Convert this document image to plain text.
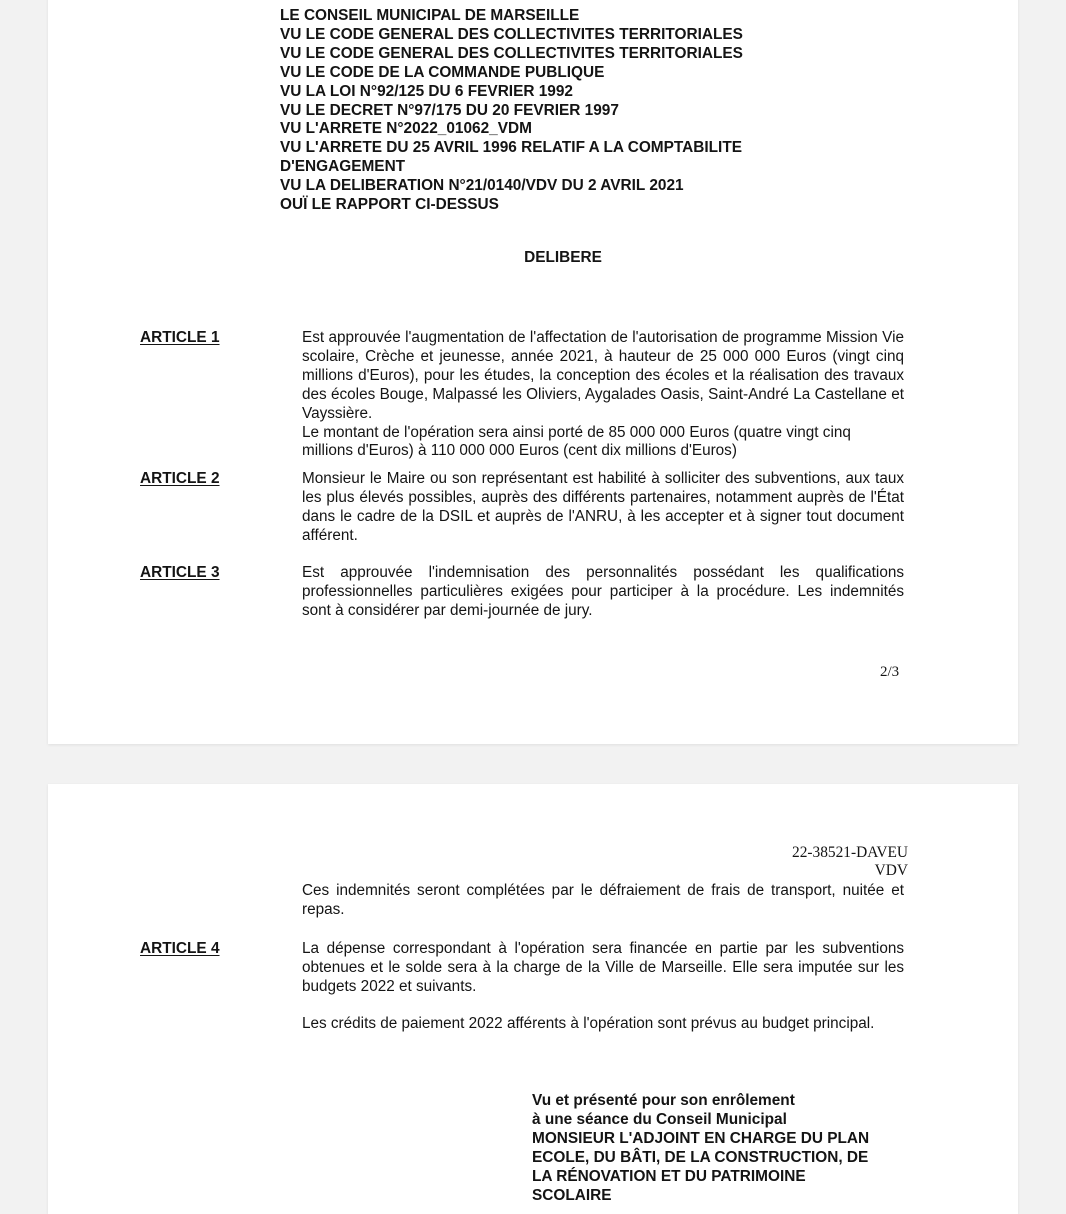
LE CONSEIL MUNICIPAL DE MARSEILLE
VU LE CODE GENERAL DES COLLECTIVITES TERRITORIALES
VU LE CODE GENERAL DES COLLECTIVITES TERRITORIALES
VU LE CODE DE LA COMMANDE PUBLIQUE
VU LA LOI N°92/125 DU 6 FEVRIER 1992
VU LE DECRET N°97/175 DU 20 FEVRIER 1997
VU L'ARRETE N°2022_01062_VDM
VU L'ARRETE DU 25 AVRIL 1996 RELATIF A LA COMPTABILITE
D'ENGAGEMENT
VU LA DELIBERATION N°21/0140/VDV DU 2 AVRIL 2021
OUÏ LE RAPPORT CI-DESSUS
DELIBERE
ARTICLE 1	Est approuvée l'augmentation de l'affectation de l'autorisation de programme Mission Vie scolaire, Crèche et jeunesse, année 2021, à hauteur de 25 000 000 Euros (vingt cinq millions d'Euros), pour les études, la conception des écoles et la réalisation des travaux des écoles Bouge, Malpassé les Oliviers, Aygalades Oasis, Saint-André La Castellane et Vayssière.

Le montant de l'opération sera ainsi porté de 85 000 000 Euros (quatre vingt cinq millions d'Euros) à 110 000 000 Euros (cent dix millions d'Euros)

ARTICLE 2	Monsieur le Maire ou son représentant est habilité à solliciter des subventions, aux taux les plus élevés possibles, auprès des différents partenaires, notamment auprès de l'État dans le cadre de la DSIL et auprès de l'ANRU, à les accepter et à signer tout document afférent.

ARTICLE 3	Est approuvée l'indemnisation des personnalités possédant les qualifications professionnelles particulières exigées pour participer à la procédure. Les indemnités sont à considérer par demi-journée de jury.

2/3
22-38521-DAVEU
VDV

Ces indemnités seront complétées par le défraiement de frais de transport, nuitée et repas.

ARTICLE 4	La dépense correspondant à l'opération sera financée en partie par les subventions obtenues et le solde sera à la charge de la Ville de Marseille. Elle sera imputée sur les budgets 2022 et suivants.

Les crédits de paiement 2022 afférents à l'opération sont prévus au budget principal.

Vu et présenté pour son enrôlement
à une séance du Conseil Municipal
MONSIEUR L'ADJOINT EN CHARGE DU PLAN
ECOLE, DU BÂTI, DE LA CONSTRUCTION, DE
LA RÉNOVATION ET DU PATRIMOINE
SCOLAIRE
